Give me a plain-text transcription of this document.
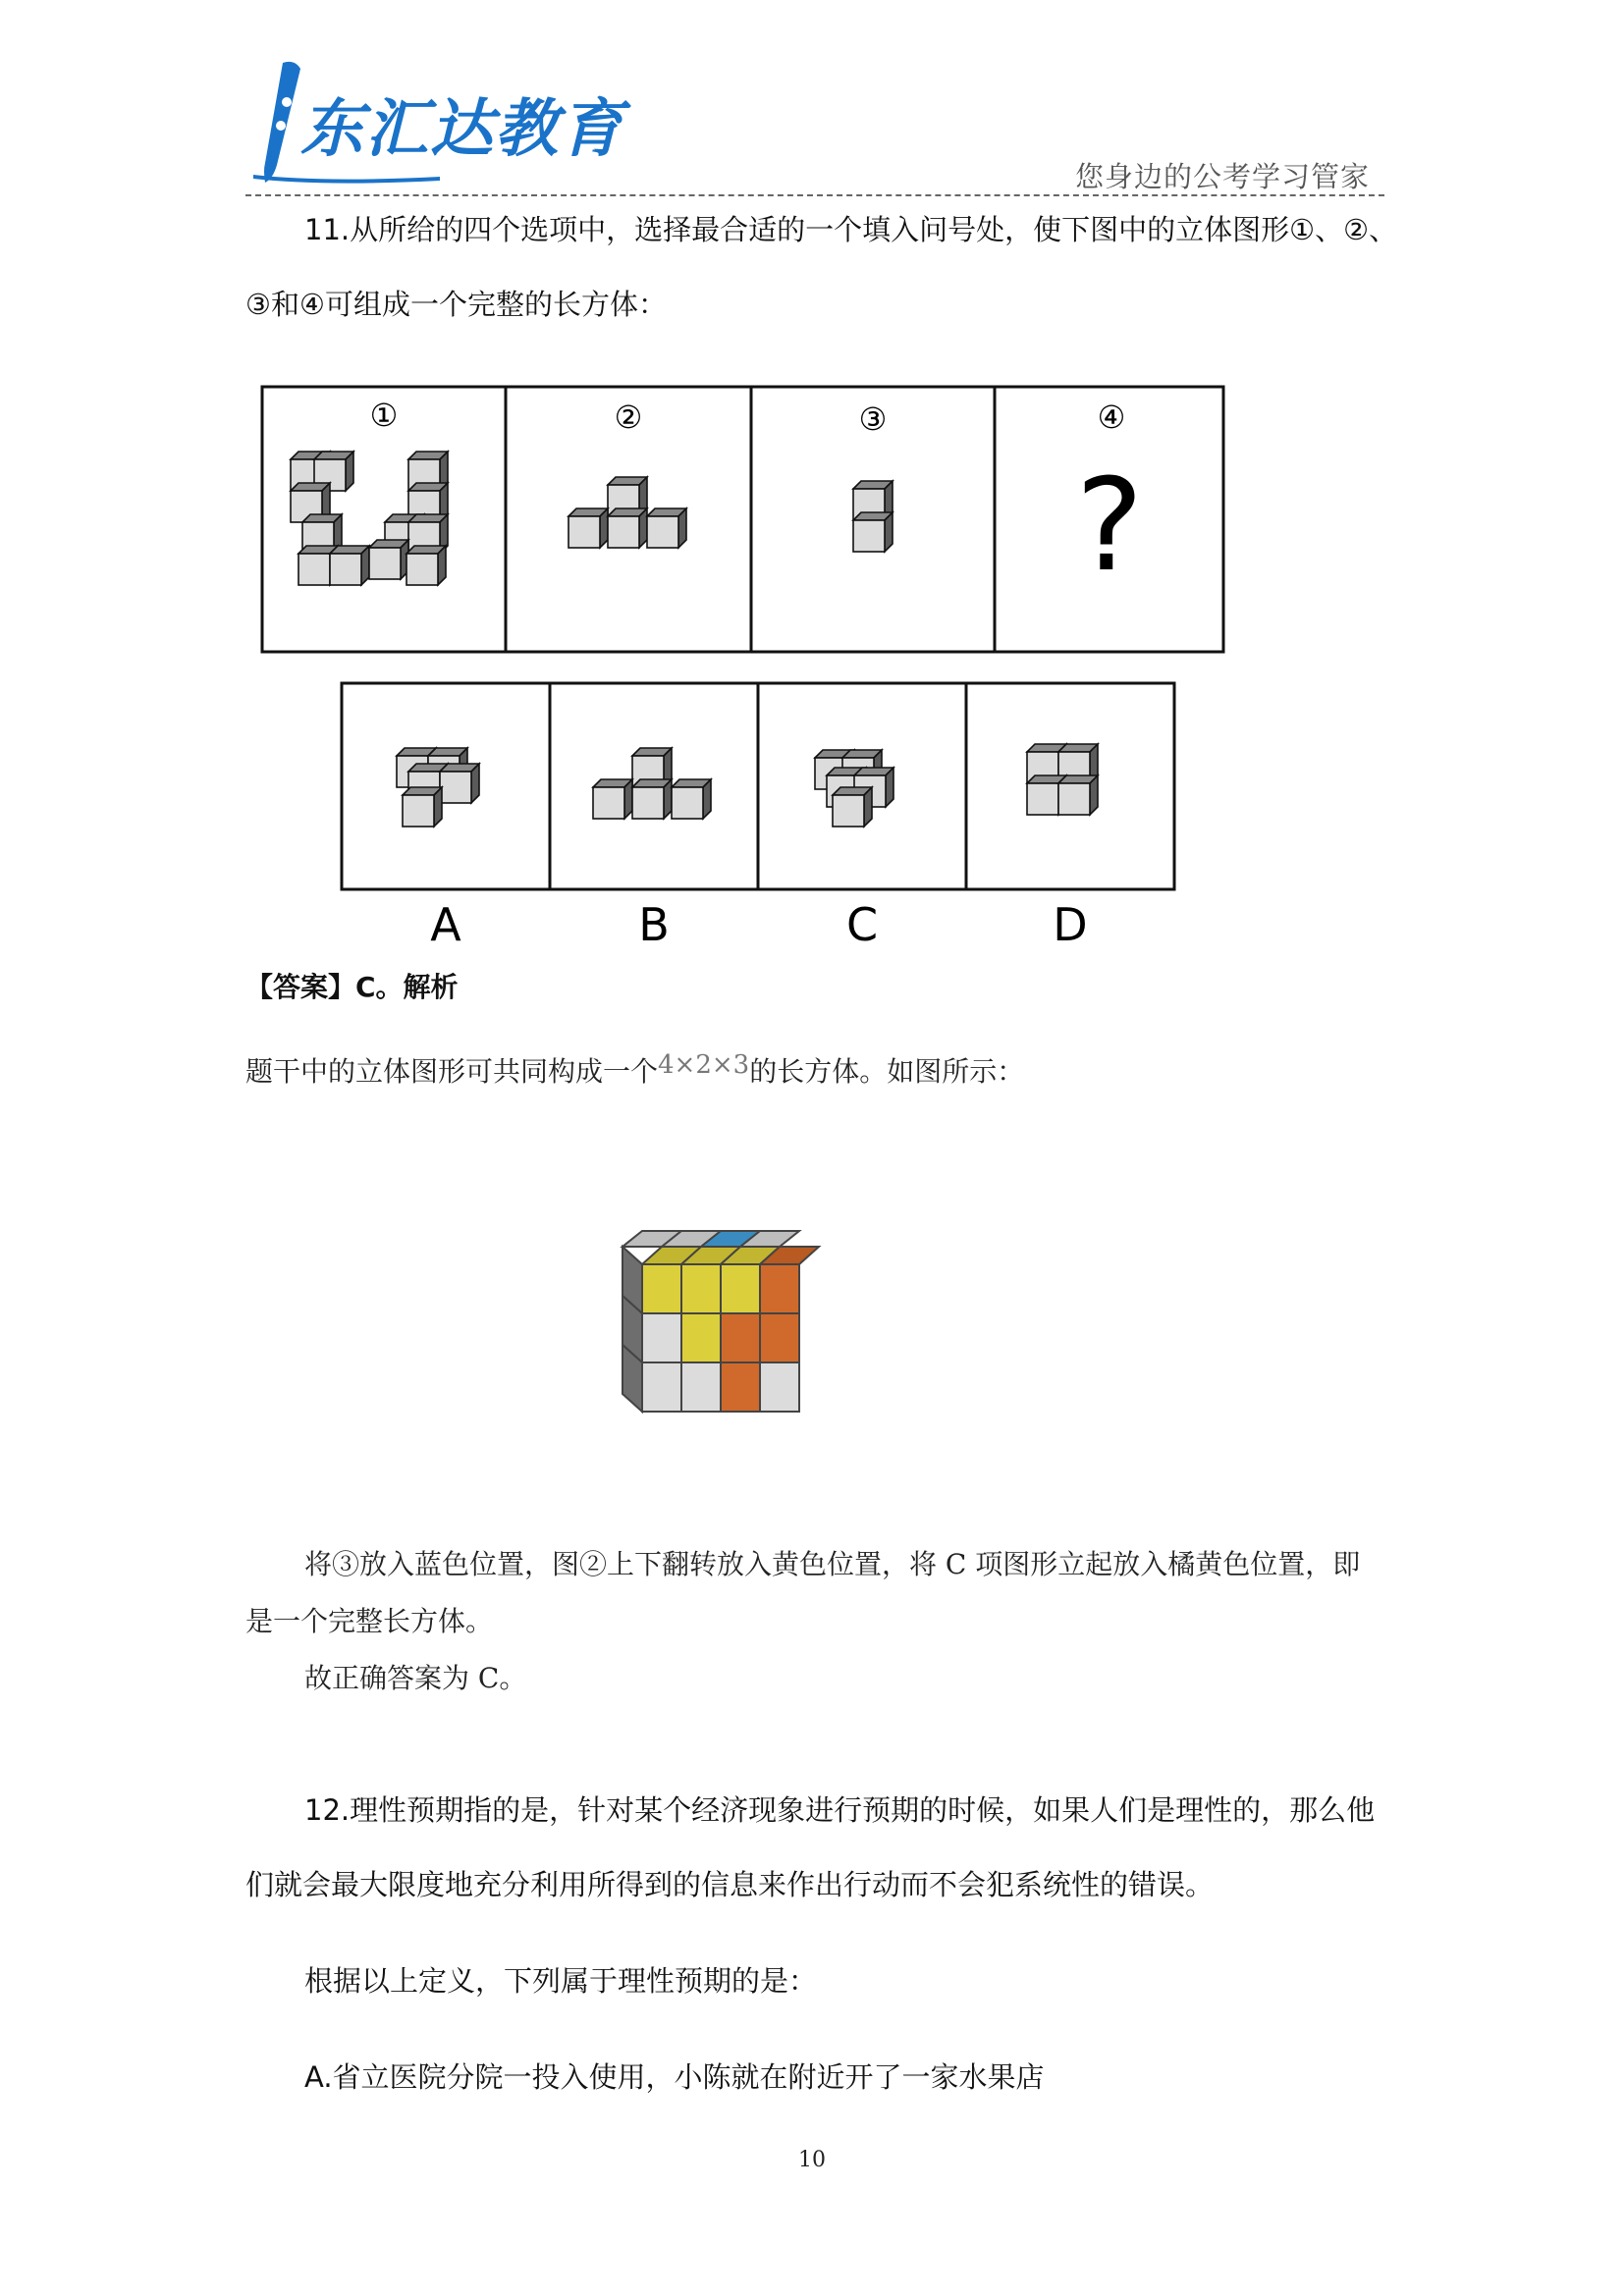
东汇达教育
您身边的公考学习管家
11.从所给的四个选项中，选择最合适的一个填入问号处，使下图中的立体图形①、②、
③和④可组成一个完整的长方体：
①	②	③	④
?
A	B	C	D
【答案】C。解析
题干中的立体图形可共同构成一个4×2×3的长方体。如图所示：
将③放入蓝色位置，图②上下翻转放入黄色位置，将 C 项图形立起放入橘黄色位置，即
是一个完整长方体。
故正确答案为 C。
12.理性预期指的是，针对某个经济现象进行预期的时候，如果人们是理性的，那么他
们就会最大限度地充分利用所得到的信息来作出行动而不会犯系统性的错误。
根据以上定义，下列属于理性预期的是：
A.省立医院分院一投入使用，小陈就在附近开了一家水果店
10
